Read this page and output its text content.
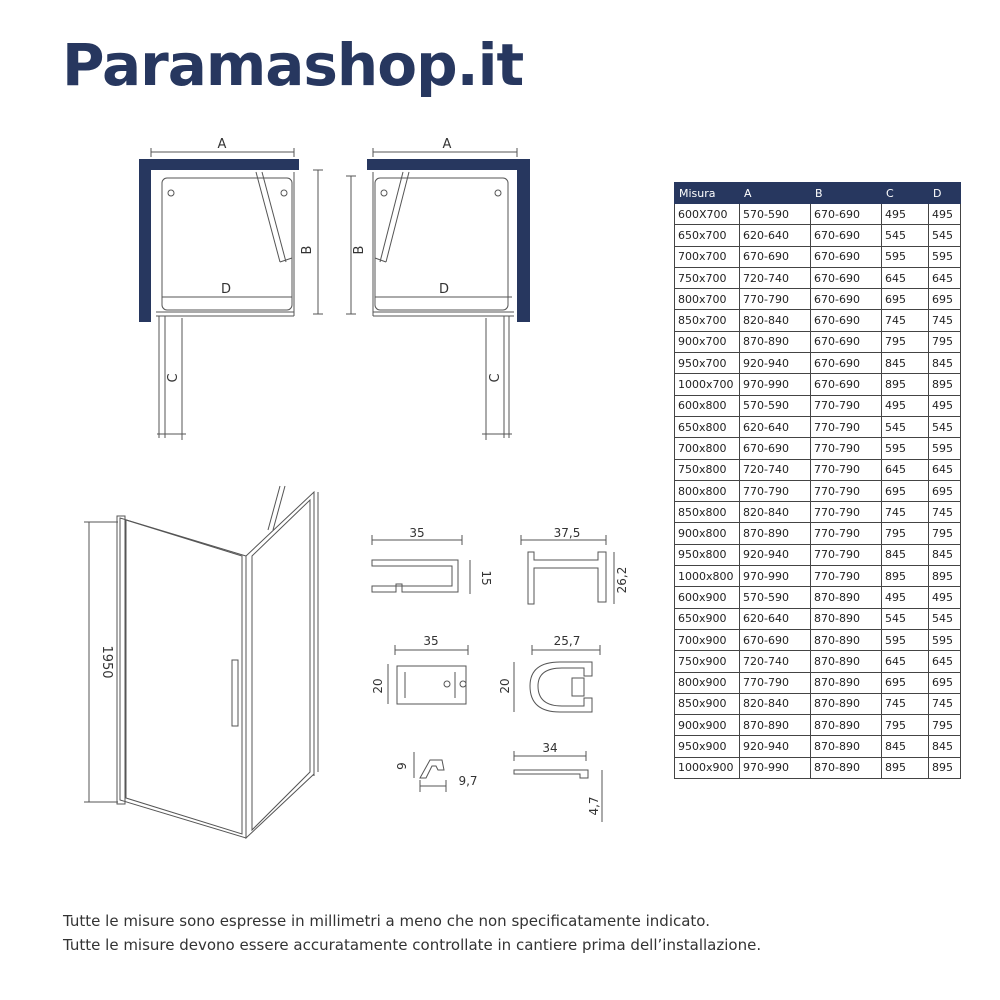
Paramashop.it
A
D
B
C
A
D
B
C
1950
35
15
37,5
26,2
35
20
25,7
20
9
9,7
34
4,7
Misura	A	B	C	D
600X700	570-590	670-690	495	495
650x700	620-640	670-690	545	545
700x700	670-690	670-690	595	595
750x700	720-740	670-690	645	645
800x700	770-790	670-690	695	695
850x700	820-840	670-690	745	745
900x700	870-890	670-690	795	795
950x700	920-940	670-690	845	845
1000x700	970-990	670-690	895	895
600x800	570-590	770-790	495	495
650x800	620-640	770-790	545	545
700x800	670-690	770-790	595	595
750x800	720-740	770-790	645	645
800x800	770-790	770-790	695	695
850x800	820-840	770-790	745	745
900x800	870-890	770-790	795	795
950x800	920-940	770-790	845	845
1000x800	970-990	770-790	895	895
600x900	570-590	870-890	495	495
650x900	620-640	870-890	545	545
700x900	670-690	870-890	595	595
750x900	720-740	870-890	645	645
800x900	770-790	870-890	695	695
850x900	820-840	870-890	745	745
900x900	870-890	870-890	795	795
950x900	920-940	870-890	845	845
1000x900	970-990	870-890	895	895

Tutte le misure sono espresse in millimetri a meno che non specificatamente indicato.

Tutte le misure devono essere accuratamente controllate in cantiere prima dell’installazione.
